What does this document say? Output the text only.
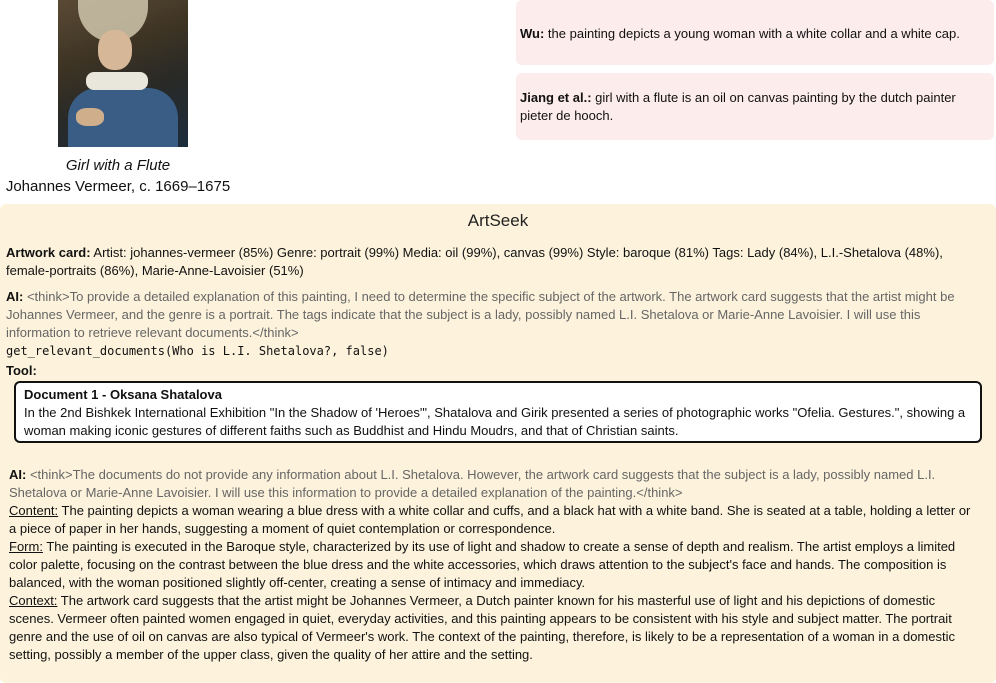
Girl with a Flute
Johannes Vermeer, c. 1669–1675
Wu: the painting depicts a young woman with a white collar and a white cap.
Jiang et al.: girl with a flute is an oil on canvas painting by the dutch painter pieter de hooch.
ArtSeek
Artwork card: Artist: johannes-vermeer (85%) Genre: portrait (99%) Media: oil (99%), canvas (99%) Style: baroque (81%) Tags: Lady (84%), L.I.-Shetalova (48%), female-portraits (86%), Marie-Anne-Lavoisier (51%)
AI: <think>To provide a detailed explanation of this painting, I need to determine the specific subject of the artwork. The artwork card suggests that the artist might be Johannes Vermeer, and the genre is a portrait. The tags indicate that the subject is a lady, possibly named L.I. Shetalova or Marie-Anne Lavoisier. I will use this information to retrieve relevant documents.</think>
get_relevant_documents(Who is L.I. Shetalova?, false)
Tool:
Document 1 - Oksana Shatalova
In the 2nd Bishkek International Exhibition "In the Shadow of 'Heroes'", Shatalova and Girik presented a series of photographic works "Ofelia. Gestures.", showing a woman making iconic gestures of different faiths such as Buddhist and Hindu Moudrs, and that of Christian saints.
AI: <think>The documents do not provide any information about L.I. Shetalova. However, the artwork card suggests that the subject is a lady, possibly named L.I. Shetalova or Marie-Anne Lavoisier. I will use this information to provide a detailed explanation of the painting.</think>
Content: The painting depicts a woman wearing a blue dress with a white collar and cuffs, and a black hat with a white band. She is seated at a table, holding a letter or a piece of paper in her hands, suggesting a moment of quiet contemplation or correspondence.
Form: The painting is executed in the Baroque style, characterized by its use of light and shadow to create a sense of depth and realism. The artist employs a limited color palette, focusing on the contrast between the blue dress and the white accessories, which draws attention to the subject's face and hands. The composition is balanced, with the woman positioned slightly off-center, creating a sense of intimacy and immediacy.
Context: The artwork card suggests that the artist might be Johannes Vermeer, a Dutch painter known for his masterful use of light and his depictions of domestic scenes. Vermeer often painted women engaged in quiet, everyday activities, and this painting appears to be consistent with his style and subject matter. The portrait genre and the use of oil on canvas are also typical of Vermeer's work. The context of the painting, therefore, is likely to be a representation of a woman in a domestic setting, possibly a member of the upper class, given the quality of her attire and the setting.
